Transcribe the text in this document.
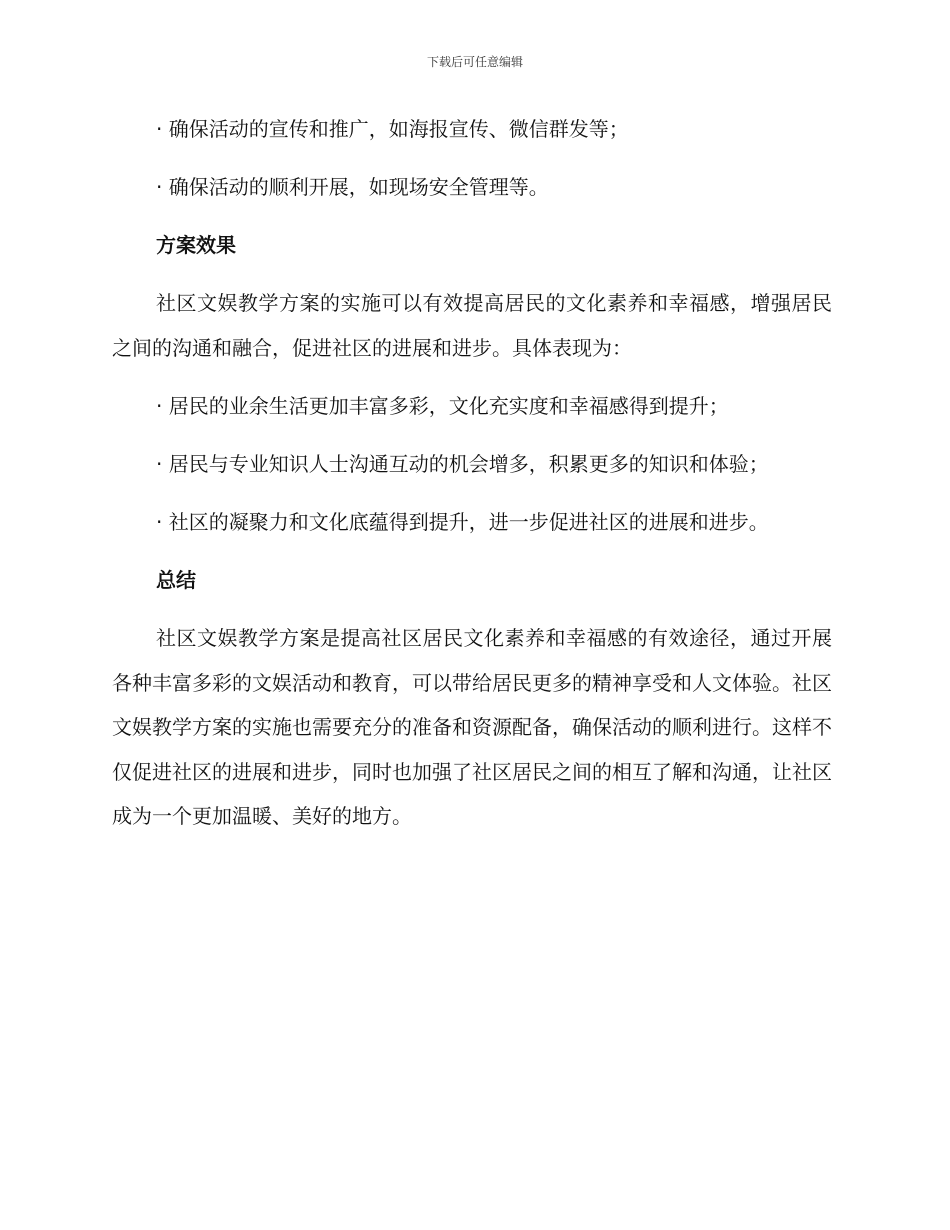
下载后可任意编辑

· 确保活动的宣传和推广，如海报宣传、微信群发等；

· 确保活动的顺利开展，如现场安全管理等。

方案效果

社区文娱教学方案的实施可以有效提高居民的文化素养和幸福感，增强居民之间的沟通和融合，促进社区的进展和进步。具体表现为：

· 居民的业余生活更加丰富多彩，文化充实度和幸福感得到提升；

· 居民与专业知识人士沟通互动的机会增多，积累更多的知识和体验；

· 社区的凝聚力和文化底蕴得到提升，进一步促进社区的进展和进步。

总结

社区文娱教学方案是提高社区居民文化素养和幸福感的有效途径，通过开展各种丰富多彩的文娱活动和教育，可以带给居民更多的精神享受和人文体验。社区文娱教学方案的实施也需要充分的准备和资源配备，确保活动的顺利进行。这样不仅促进社区的进展和进步，同时也加强了社区居民之间的相互了解和沟通，让社区成为一个更加温暖、美好的地方。
